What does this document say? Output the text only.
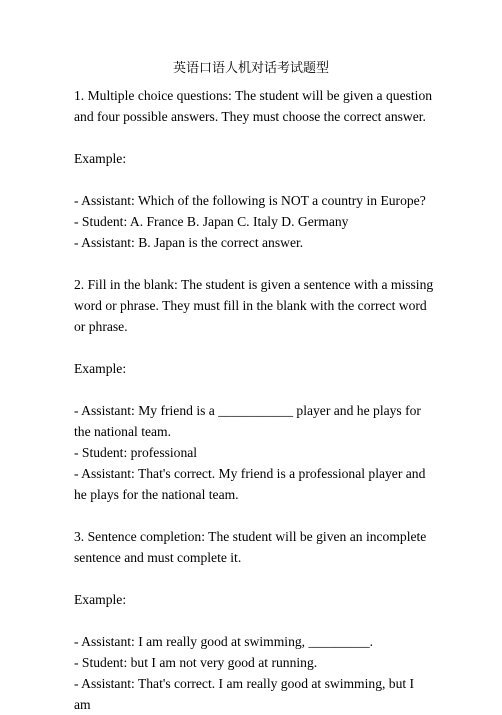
英语口语人机对话考试题型

1. Multiple choice questions: The student will be given a question and four possible answers. They must choose the correct answer.

Example:

- Assistant: Which of the following is NOT a country in Europe?

- Student: A. France B. Japan C. Italy D. Germany

- Assistant: B. Japan is the correct answer.

2. Fill in the blank: The student is given a sentence with a missing word or phrase. They must fill in the blank with the correct word or phrase.

Example:

- Assistant: My friend is a ___________ player and he plays for the national team.

- Student: professional

- Assistant: That's correct. My friend is a professional player and he plays for the national team.

3. Sentence completion: The student will be given an incomplete sentence and must complete it.

Example:

- Assistant: I am really good at swimming, _________.

- Student: but I am not very good at running.

- Assistant: That's correct. I am really good at swimming, but I am
